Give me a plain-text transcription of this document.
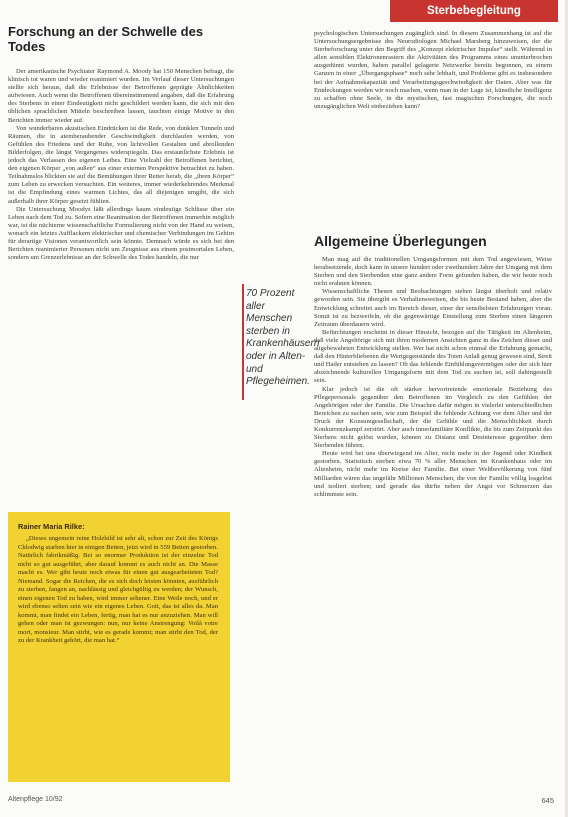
Sterbebegleitung
Forschung an der Schwelle des Todes

Der amerikanische Psychiater Raymond A. Moody hat 150 Menschen befragt, die klinisch tot waren und wieder reanimiert wurden. Im Verlauf dieser Untersuchungen stellte sich heraus, daß die Erlebnisse der Betroffenen geprägte Ähnlichkeiten aufwiesen. Auch wenn die Betroffenen übereinstimmend angaben, daß die Erfahrung des Sterbens in einer Eindeutigkeit nicht geschildert werden kann, die sich mit den üblichen sprachlichen Mitteln beschreiben lassen, tauchten einige Motive in den Berichten immer wieder auf.

Von wunderbaren akustischen Eindrücken ist die Rede, von dunklen Tunneln und Räumen, die in atemberaubender Geschwindigkeit durchlaufen werden, von Gefühlen des Friedens und der Ruhe, von lichtvollen Gestalten und abrollenden Bilderfolgen, die längst Vergangenes widerspiegeln. Das erstaunlichste Erlebnis ist jedoch das Verlassen des eigenen Leibes. Eine Vielzahl der Betroffenen berichtet, den eigenen Körper „von außen“ aus einer externen Perspektive betrachtet zu haben. Teilnahmslos blickten sie auf die Bemühungen ihrer Retter herab, die „ihren Körper“ zum Leben zu erwecken versuchten. Ein weiteres, immer wiederkehrendes Merkmal ist die Empfindung eines warmen Lichtes, das all diejenigen umgibt, die sich außerhalb ihrer Körper gesetzt fühlten.

Die Untersuchung Moodys läßt allerdings kaum eindeutige Schlüsse über ein Leben nach dem Tod zu. Sofern eine Reanimation der Betroffenen immerhin möglich war, ist die nüchterne wissenschaftliche Formulierung nicht von der Hand zu weisen, wonach ein letztes Aufflackern elektrischer und chemischer Verbindungen im Gehirn für derartige Visionen verantwortlich sein könnte. Demnach würde es sich bei den Berichten reanimierter Personen nicht um Zeugnisse aus einem postmortalen Leben, sondern um Grenzerlebnisse an der Schwelle des Todes handeln, die nur

70 Prozent aller Menschen sterben in Krankenhäusern oder in Alten- und Pflegeheimen.

Rainer Maria Rilke:

„Dieses ungemein reine Holzbild ist sehr alt, schon zur Zeit des Königs Chlodwig starben hier in einigen Betten, jetzt wird in 559 Betten gestorben. Natürlich fabrikmäßig. Bei so enormer Produktion ist der einzelne Tod nicht so gut ausgeführt, aber darauf kommt es auch nicht an. Die Masse macht es. Wer gibt heute noch etwas für einen gut ausgearbeiteten Tod? Niemand. Sogar die Reichen, die es sich doch leisten könnten, ausführlich zu sterben, fangen an, nachlässig und gleichgültig zu werden; der Wunsch, einen eigenen Tod zu haben, wird immer seltener. Eine Weile noch, und er wird ebenso selten sein wie ein eigenes Leben. Gott, das ist alles da. Man kommt, man findet ein Leben, fertig, man hat es nur anzuziehen. Man will gehen oder man ist gezwungen: nun, nur keine Anstrengung: Voilà votre mort, monsieur. Man stirbt, wie es gerade kommt; man stirbt den Tod, der zu der Krankheit gehört, die man hat.“

psychologischen Untersuchungen zugänglich sind. In diesem Zusammenhang ist auf die Untersuchungsergebnisse des Neurodiologen Michael Marsberg hinzuweisen, der die Sterbeforschung unter den Begriff des „Konzept elektrischer Impulse“ stellt. Während in allen sensiblen Elektronenrastern die Aktivitäten des Programms eines ununterbrochen ausgedünnt wurden, haben parallel gelagerte Netzwerke bereits begonnen, zu einem Ganzen in einer „Übergangsphase“ noch sehr lebhaft, und Probleme gibt es insbesondere bei der Aufnahmekapazität und Verarbeitungsgeschwindigkeit der Daten. Aber was für Entdeckungen werden wir noch machen, wenn man in der Lage ist, künstliche Intelligenz zu schaffen ohne Seele, in die mystischen, fast magischen Forschungen, die noch unzugänglichen Welt einbeziehen kann?

Allgemeine Überlegungen

Man mag auf die traditionellen Umgangsformen mit dem Tod angewiesen, Weise herabsetzende, doch kann in unsere hundert oder zweihundert Jahre der Umgang mit dem Sterben und den Sterbenden eine ganz andere Form gefunden haben, die wir heute noch nicht erahnen können.

Wissenschaftliche Thesen und Beobachtungen stehen längst überholt und relativ geworden sein. Sie übergibt es Verhaltensweisen, die bis heute Bestand haben, aber die Entwicklung schreitet auch im Bereich dieser, einer der sensibelsten Erfahrungen voran. Somit ist zu bezweifeln, ob die gegenwärtige Einstellung zum Sterben einen längeren Zeitraum überdauern wird.

Befürchtungen erscheint in dieser Hinsicht, bezogen auf die Tätigkeit im Altenheim, daß viele Angehörige sich mit ihren modernen Ansichten ganz in das Zeichen dieser und altgebewahrten Entwicklung stellen. Wer hat nicht schon einmal die Erfahrung gemacht, daß den Hinterbliebenen die Wertgegenstände des Toten Anlaß genug gewesen sind, Streit und Hader entstehen zu lassen? Ob das fehlende Einfühlungsvermögen oder der sich hier abzeichnende kulturellen Umgangsform mit dem Tod zu suchen ist, soll dahingestellt sein.

Klar jedoch ist die oft stärker hervortretende emotionale Beziehung des Pflegepersonals gegenüber den Betroffenen im Vergleich zu den Gefühlen der Angehörigen oder der Familie. Die Ursachen dafür mögen in vielerlei unterschiedlichen Bereichen zu suchen sein, wie zum Beispiel die fehlende Achtung vor dem Alter und der Druck der Konsumgesellschaft, der die Gefühle und die Menschlichkeit durch Konkurrenzkampf zerstört. Aber auch innerfamiliäre Konflikte, die bis zum Zeitpunkt des Sterbens nicht gelöst wurden, können zu Distanz und Desinteresse gegenüber dem Sterbenden führen.

Heute wird bei uns überwiegend im Alter, nicht mehr in der Jugend oder Kindheit gestorben. Statistisch sterben etwa 70 % aller Menschen im Krankenhaus oder im Altenheim, nicht mehr im Kreise der Familie. Bei einer Weltbevölkerung von fünf Milliarden wären das ungefähr Millionen Menschen, die von der Familie völlig losgelöst und isoliert sterben; und gerade das dürfte neben der Angst vor Schmerzen das schlimmste sein.

Altenpflege 10/92	645
